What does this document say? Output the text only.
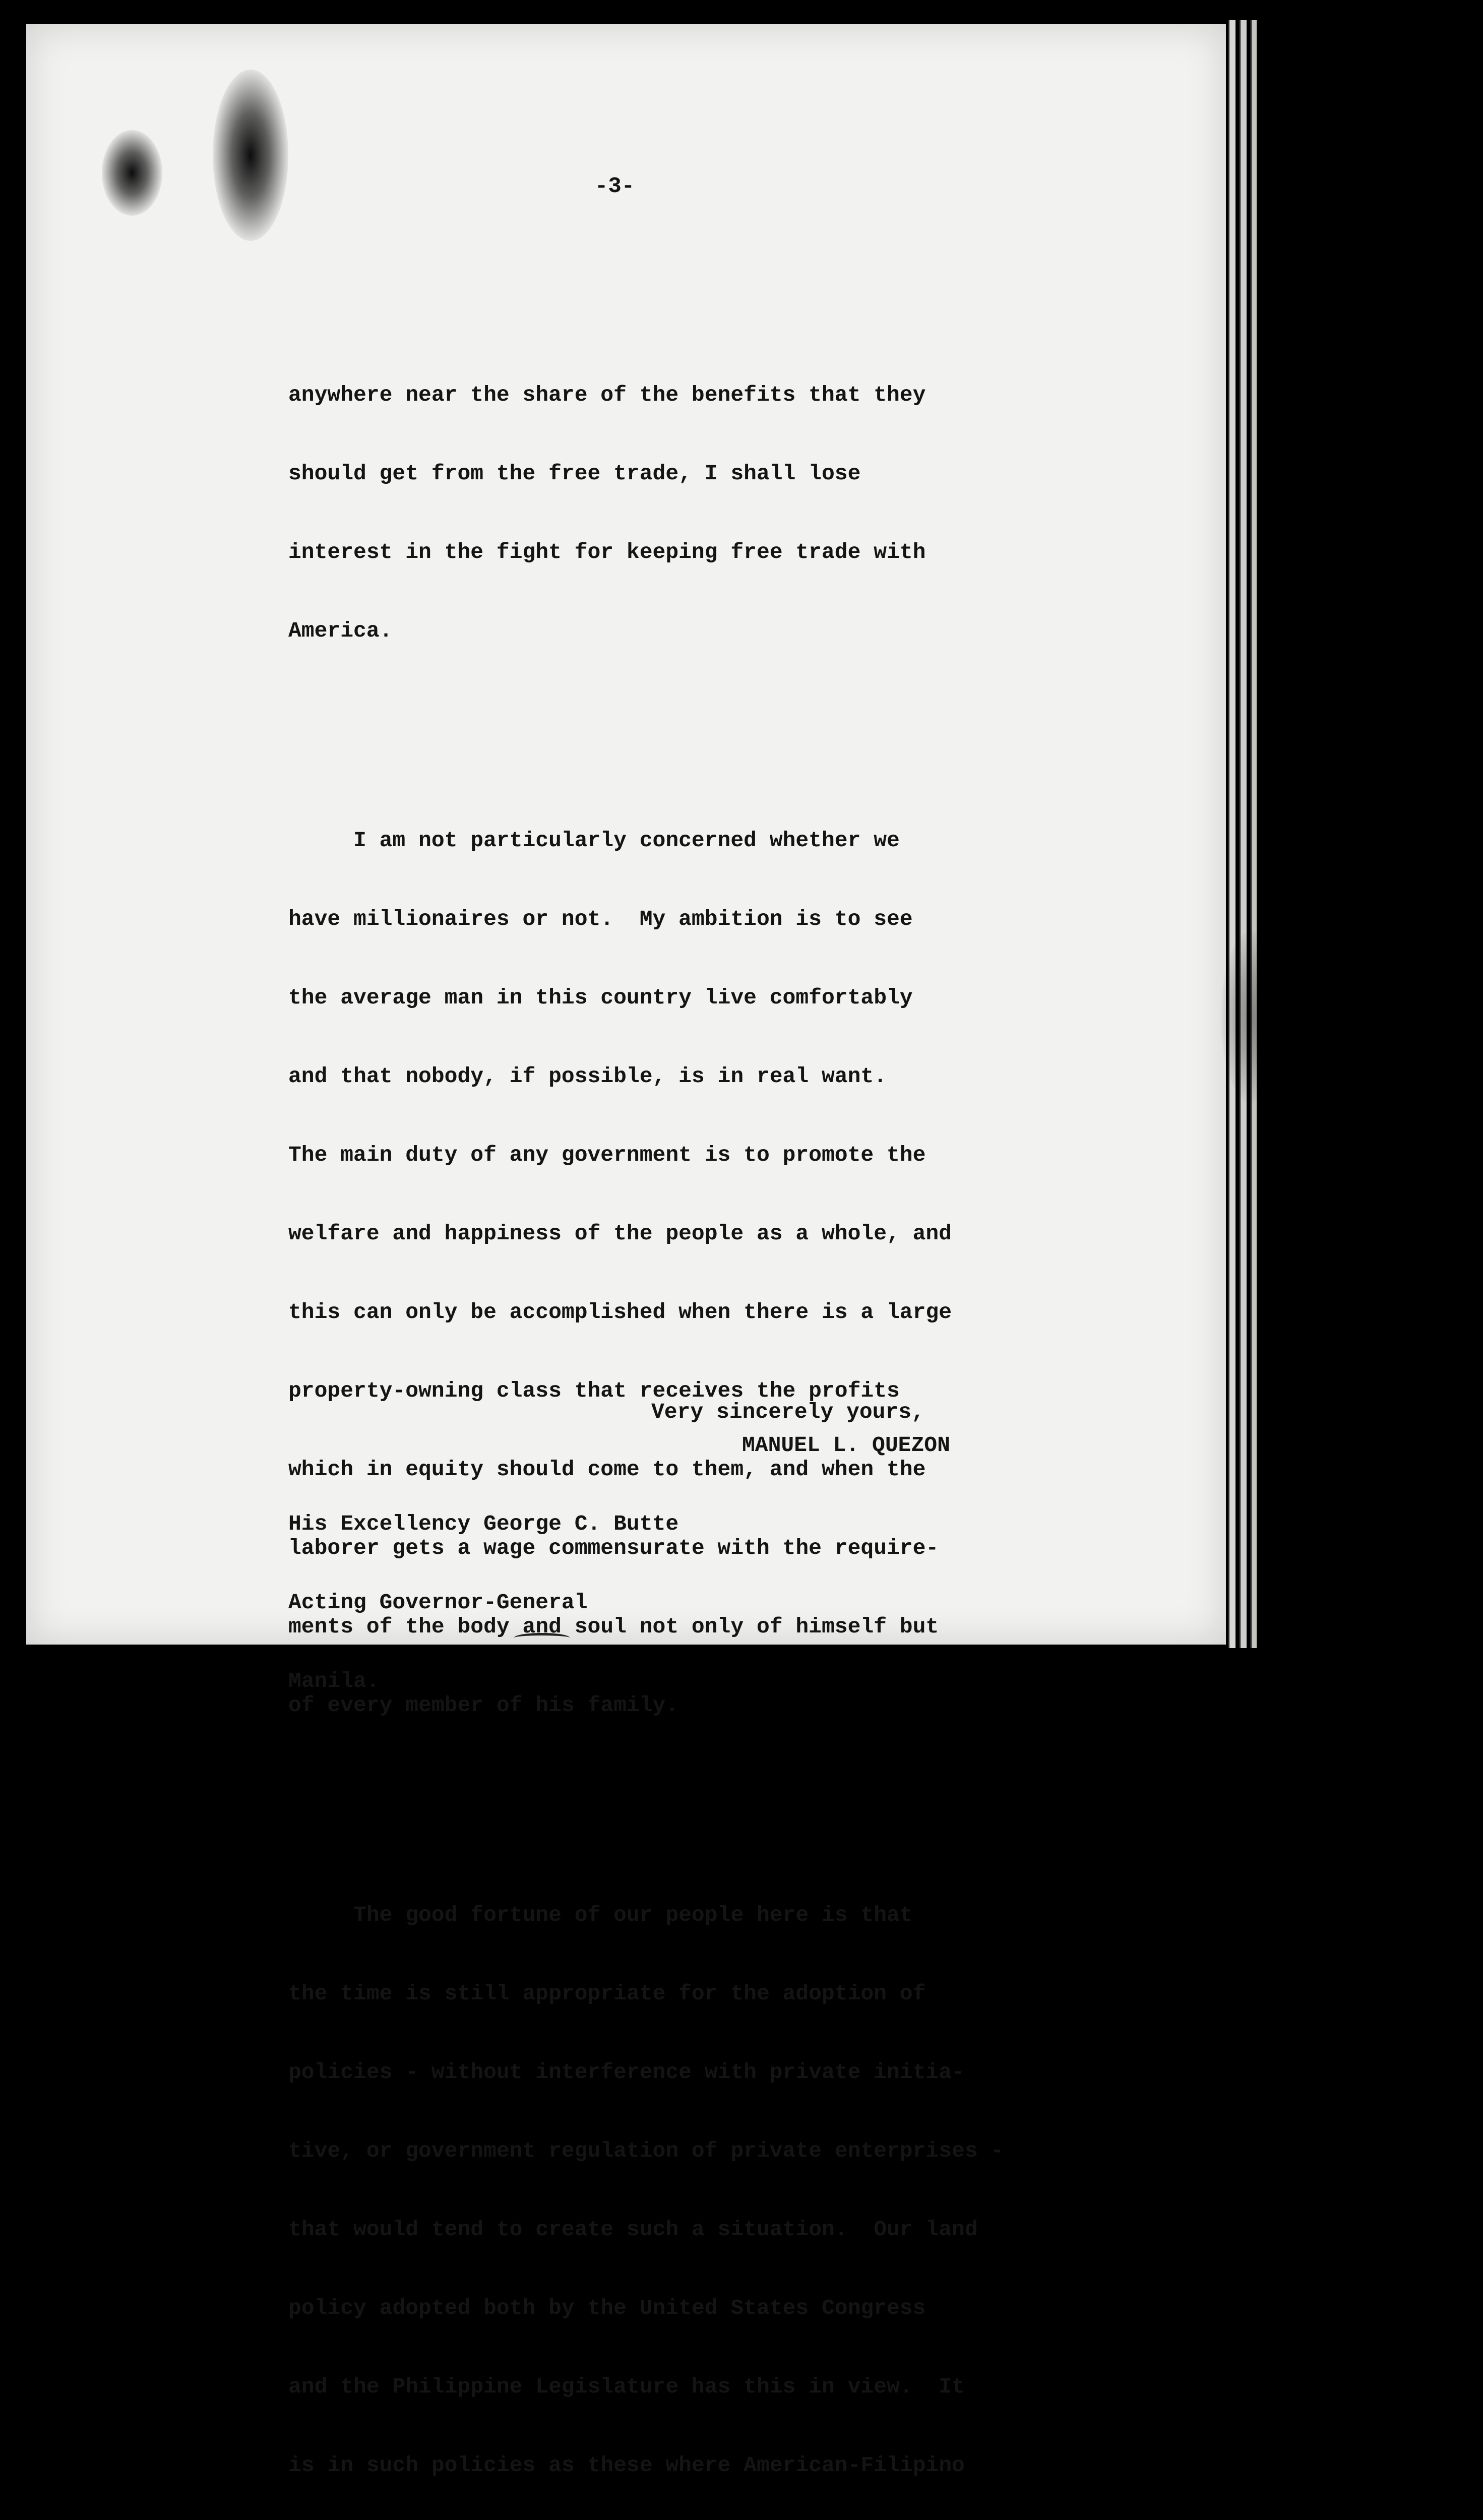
-3-

anywhere near the share of the benefits that they

should get from the free trade, I shall lose

interest in the fight for keeping free trade with

America.

I am not particularly concerned whether we

have millionaires or not.  My ambition is to see

the average man in this country live comfortably

and that nobody, if possible, is in real want.

The main duty of any government is to promote the

welfare and happiness of the people as a whole, and

this can only be accomplished when there is a large

property-owning class that receives the profits

which in equity should come to them, and when the

laborer gets a wage commensurate with the require-

ments of the body and soul not only of himself but

of every member of his family.

The good fortune of our people here is that

the time is still appropriate for the adoption of

policies - without interference with private initia-

tive, or government regulation of private enterprises -

that would tend to create such a situation.  Our land

policy adopted both by the United States Congress

and the Philippine Legislature has this in view.  It

is in such policies as these where American-Filipino

Very sincerely yours,

MANUEL L. QUEZON

His Excellency George C. Butte

Acting Governor-General

Manila.
